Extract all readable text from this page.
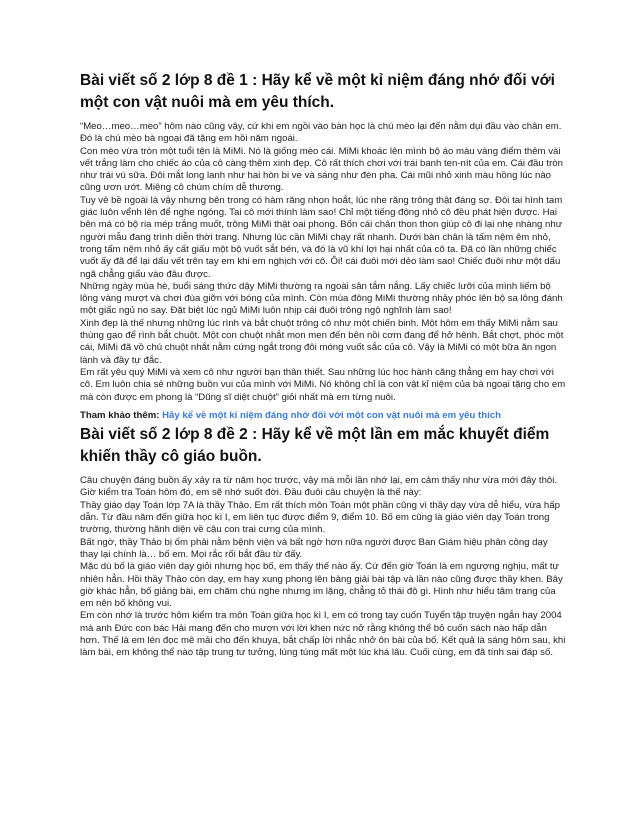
Bài viết số 2 lớp 8 đề 1 : Hãy kể về một kỉ niệm đáng nhớ đối với một con vật nuôi mà em yêu thích.

“Meo…meo…meo” hôm nào cũng vậy, cứ khi em ngồi vào bàn học là chú mèo lại đến nằm dụi đầu vào chân em. Đó là chú mèo bà ngoại đã tặng em hồi năm ngoái.

Con mèo vừa tròn một tuổi tên là MiMi. Nó là giống mèo cái. MiMi khoác lên mình bộ áo màu vàng điểm thêm vài vết trắng làm cho chiếc áo của cô càng thêm xinh đẹp. Cô rất thích chơi với trái banh ten-nít của em. Cái đầu tròn như trái vú sữa. Đôi mắt long lanh như hai hòn bi ve và sáng như đèn pha. Cái mũi nhỏ xinh màu hồng lúc nào cũng ươn ướt. Miệng cô chúm chím dễ thương.

Tuy vẻ bề ngoài là vậy nhưng bên trong có hàm răng nhọn hoắt, lúc nhe răng trông thật đáng sợ. Đôi tai hình tam giác luôn vểnh lên để nghe ngóng. Tai cô mới thính làm sao! Chỉ một tiếng động nhỏ cô đều phát hiện được. Hai bên má có bộ ria mép trắng muốt, trông MiMi thật oai phong. Bốn cái chân thon thon giúp cô đi lại nhẹ nhàng như người mẫu đang trình diễn thời trang. Nhưng lúc cần MiMi chạy rất nhanh. Dưới bàn chân là tấm nệm êm nhỏ, trong tấm nệm nhỏ ấy cất giấu một bộ vuốt sắt bén, và đó là vũ khí lợi hại nhất của cô ta. Đã có lần những chiếc vuốt ấy đã để lại dấu vết trên tay em khi em nghịch với cô. Ôi! cái đuôi mới dẻo làm sao! Chiếc đuôi như một dấu ngã chẳng giấu vào đâu được.

Những ngày mùa hè, buổi sáng thức dậy MiMi thường ra ngoài sân tắm nắng. Lấy chiếc lưỡi của mình liếm bộ lông vàng mượt và chơi đùa giỡn với bóng của mình. Còn mùa đông MiMi thường nhảy phóc lên bộ sa lông đánh một giấc ngủ no say. Đặt biệt lúc ngủ MiMi luôn nhịp cái đuôi trông ngộ nghĩnh làm sao!

Xinh đẹp là thế nhưng những lúc rình và bắt chuột trông cô như một chiến binh. Một hôm em thấy MiMi nằm sau thùng gạo để rình bắt chuột. Một con chuột nhắt mon men đến bên nồi cơm đang để hở hênh. Bắt chợt, phóc một cái, MiMi đã vồ chú chuột nhắt nằm cứng ngắt trong đôi móng vuốt sắc của cô. Vậy là MiMi có một bữa ăn ngon lành và đầy tự đắc.

Em rất yêu quý MiMi và xem cô như người bạn thân thiết. Sau những lúc học hành căng thẳng em hay chơi với cô. Em luôn chia sẻ những buồn vui của mình với MiMi. Nó không chỉ là con vật kỉ niệm của bà ngoại tặng cho em mà còn được em phong là “Dũng sĩ diệt chuột” giỏi nhất mà em từng nuôi.

Tham khảo thêm: Hãy kể về một kỉ niệm đáng nhớ đối với một con vật nuôi mà em yêu thích
Bài viết số 2 lớp 8 đề 2 : Hãy kể về một lần em mắc khuyết điểm khiến thầy cô giáo buồn.

Câu chuyện đáng buồn ấy xảy ra từ năm học trước, vậy mà mỗi lần nhớ lại, em cảm thấy như vừa mới đây thôi. Giờ kiểm tra Toán hôm đó, em sẽ nhớ suốt đời. Đầu đuôi câu chuyện là thế này:

Thầy giáo dạy Toán lớp 7A là thầy Thảo. Em rất thích môn Toán một phần cũng vì thầy dạy vừa dễ hiểu, vừa hấp dẫn. Từ đầu năm đến giữa học kì I, em liên tục được điểm 9, điểm 10. Bố em cũng là giáo viên dạy Toán trong trường, thường hãnh diện về cậu con trai cưng của mình.

Bất ngờ, thầy Thảo bị ốm phải nằm bệnh viện và bất ngờ hơn nữa người được Ban Giám hiệu phân công dạy thay lại chính là… bố em. Mọi rắc rối bắt đầu từ đấy.

Mặc dù bố là giáo viên dạy giỏi nhưng học bố, em thấy thế nào ấy. Cứ đến giờ Toán là em ngượng nghịu, mất tự nhiên hẳn. Hồi thầy Thảo còn dạy, em hay xung phong lên bảng giải bài tập và lần nào cũng được thầy khen. Bây giờ khác hẳn, bố giảng bài, em chăm chú nghe nhưng im lặng, chẳng tỏ thái độ gì. Hình như hiểu tâm trạng của em nên bố không vui.

Em còn nhớ là trước hôm kiểm tra môn Toán giữa học kì I, em có trong tay cuốn Tuyển tập truyện ngắn hay 2004 mà anh Đức con bác Hải mang đến cho mượn với lời khen nức nở rằng không thể bỏ cuốn sách nào hấp dẫn hơn. Thế là em lén đọc mê mải cho đến khuya, bắt chấp lời nhắc nhở ôn bài của bố. Kết quả là sáng hôm sau, khi làm bài, em không thể nào tập trung tư tưởng, lúng túng mất một lúc khá lâu. Cuối cùng, em đã tính sai đáp số.
